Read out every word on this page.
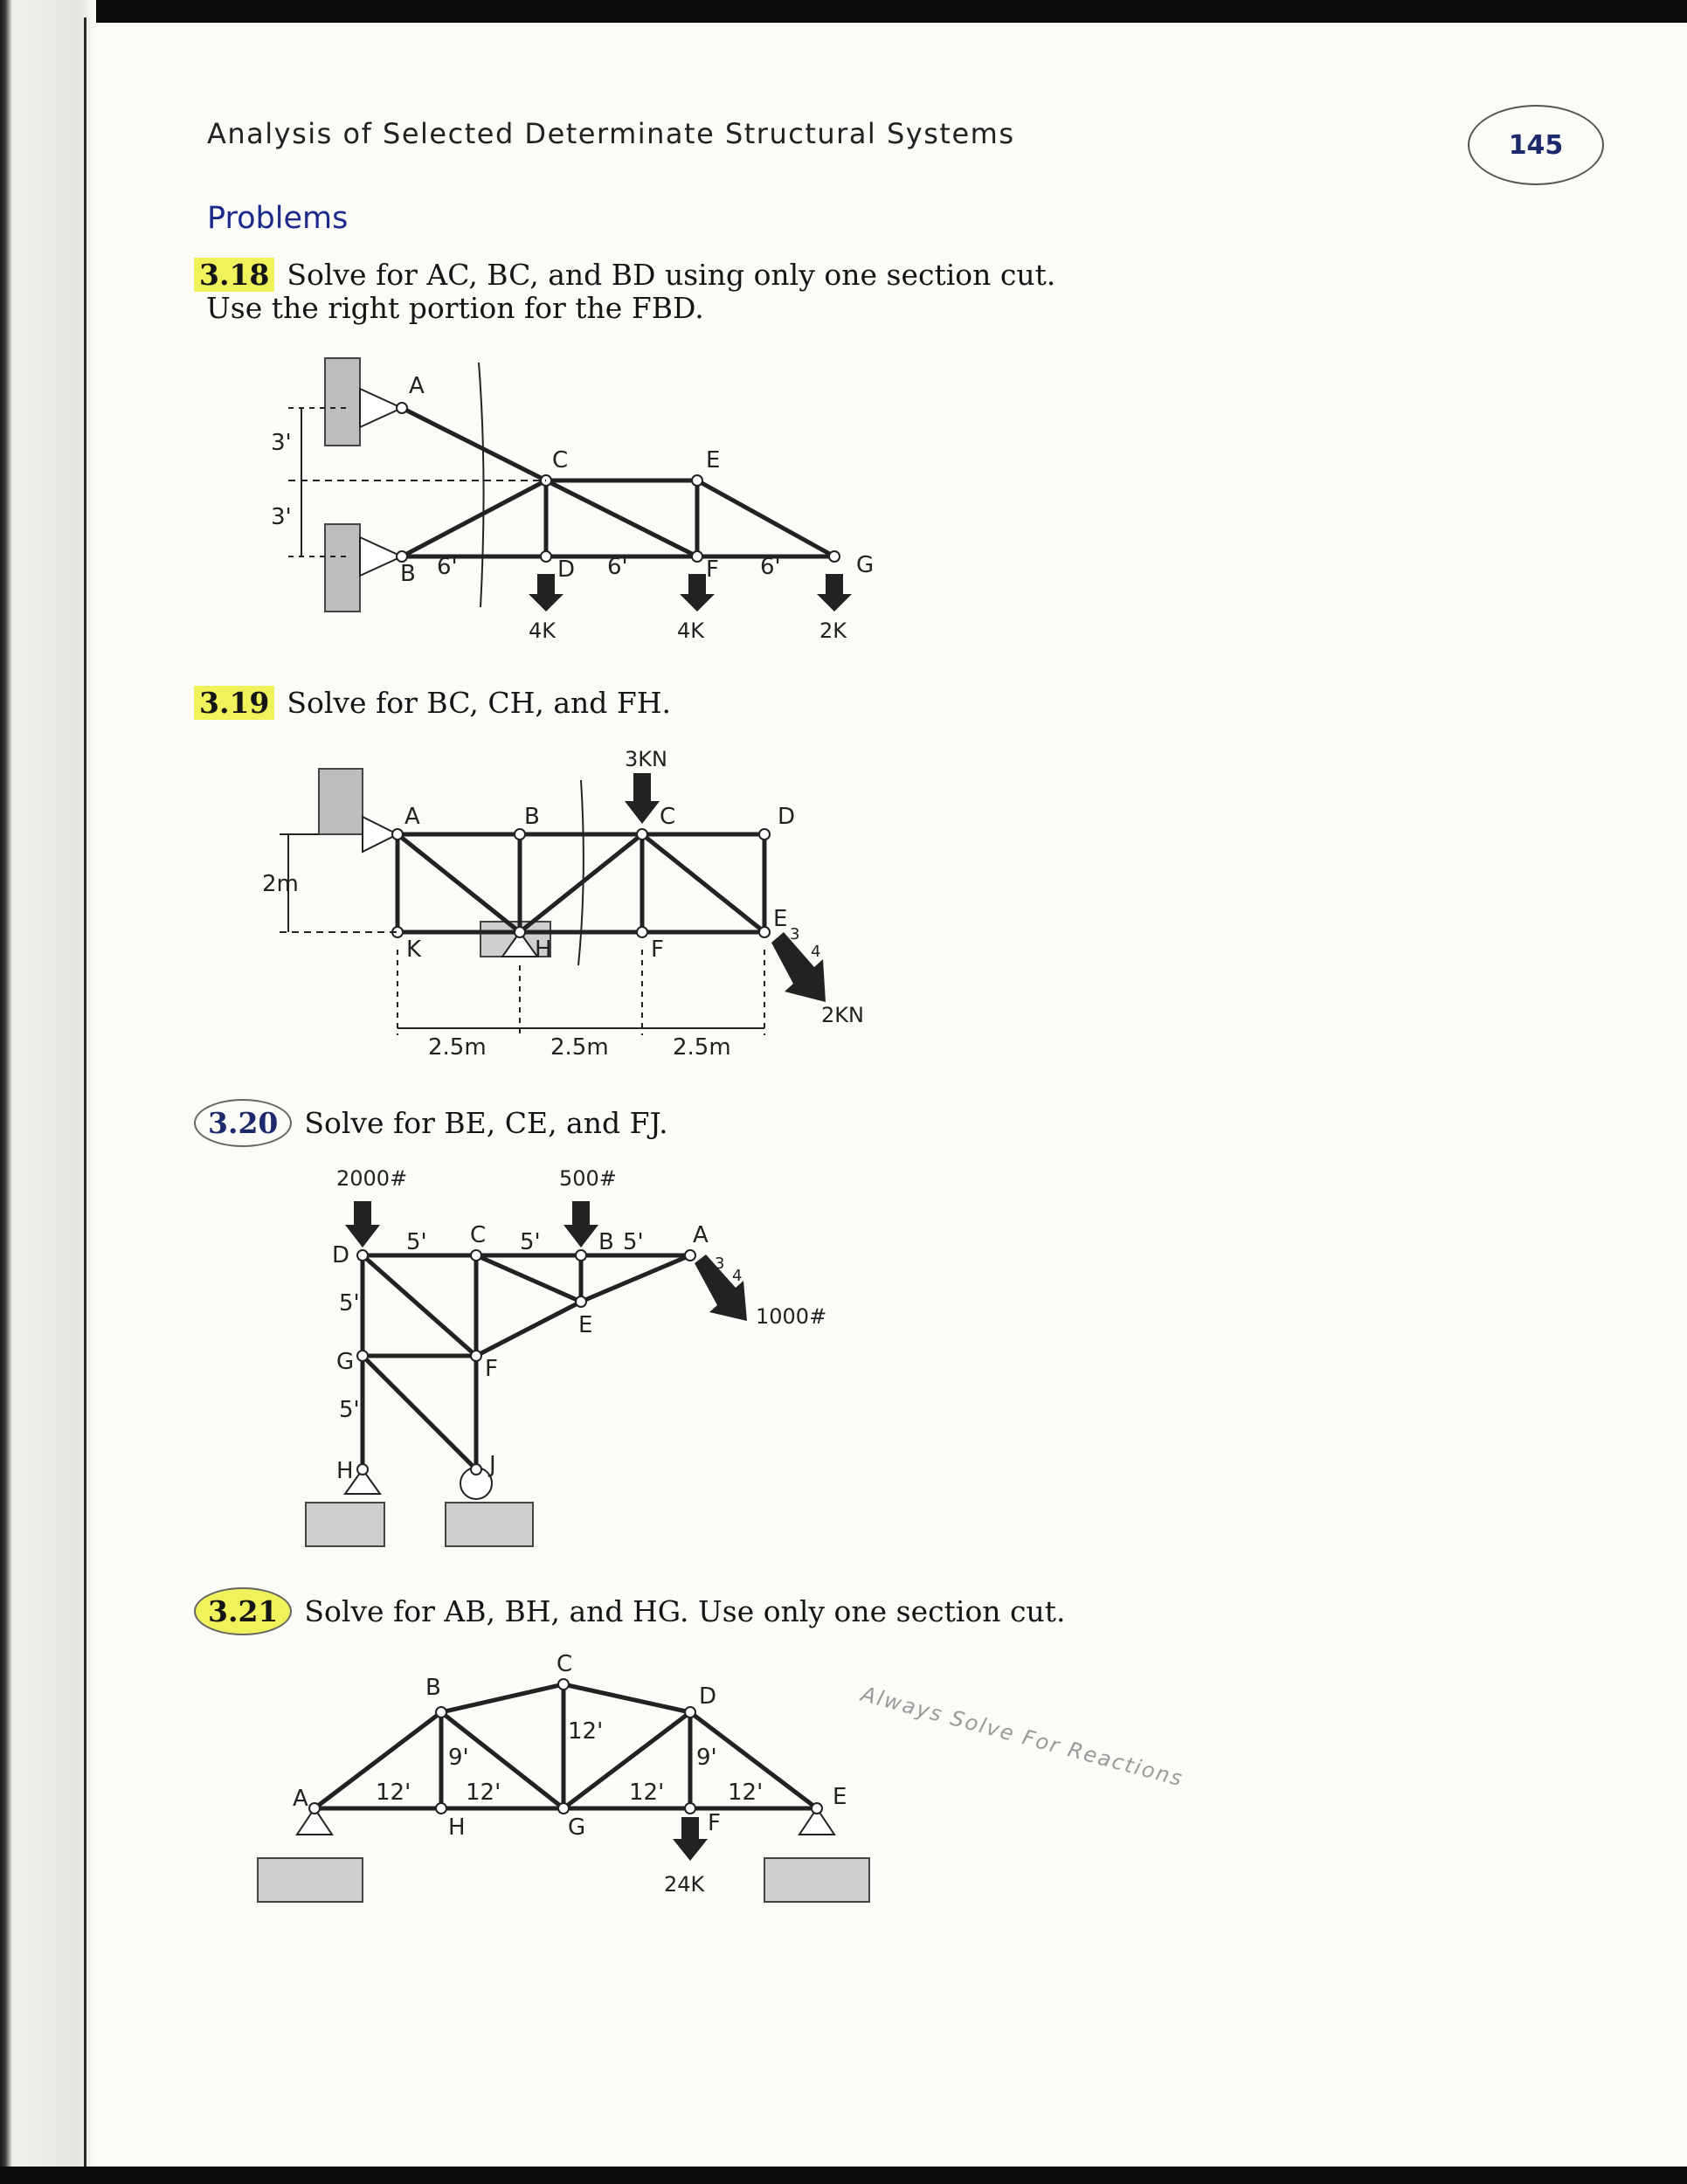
Analysis of Selected Determinate Structural Systems	145
Problems
3.18 Solve for AC, BC, and BD using only one section cut.
Use the right portion for the FBD.
A
B
C
D
E
F	G
3'
3'
6'	6'	6'
4K	4K	2K
3.19 Solve for BC, CH, and FH.
A	B	C	D
E
F
H
K
2m
2.5m	2.5m	2.5m
3KN
2KN
3
4
3.20 Solve for BE, CE, and FJ.
2000#	500#
1000#
D
C	B	A
E
G	F
H	J
5'	5'	5'
5'
5'
3
4
3.21 Solve for AB, BH, and HG. Use only one section cut.
A
B
C
D
E
F
G
H
12'
9'
12'
12'
12'
9'
12'
24K
Always Solve For Reactions
